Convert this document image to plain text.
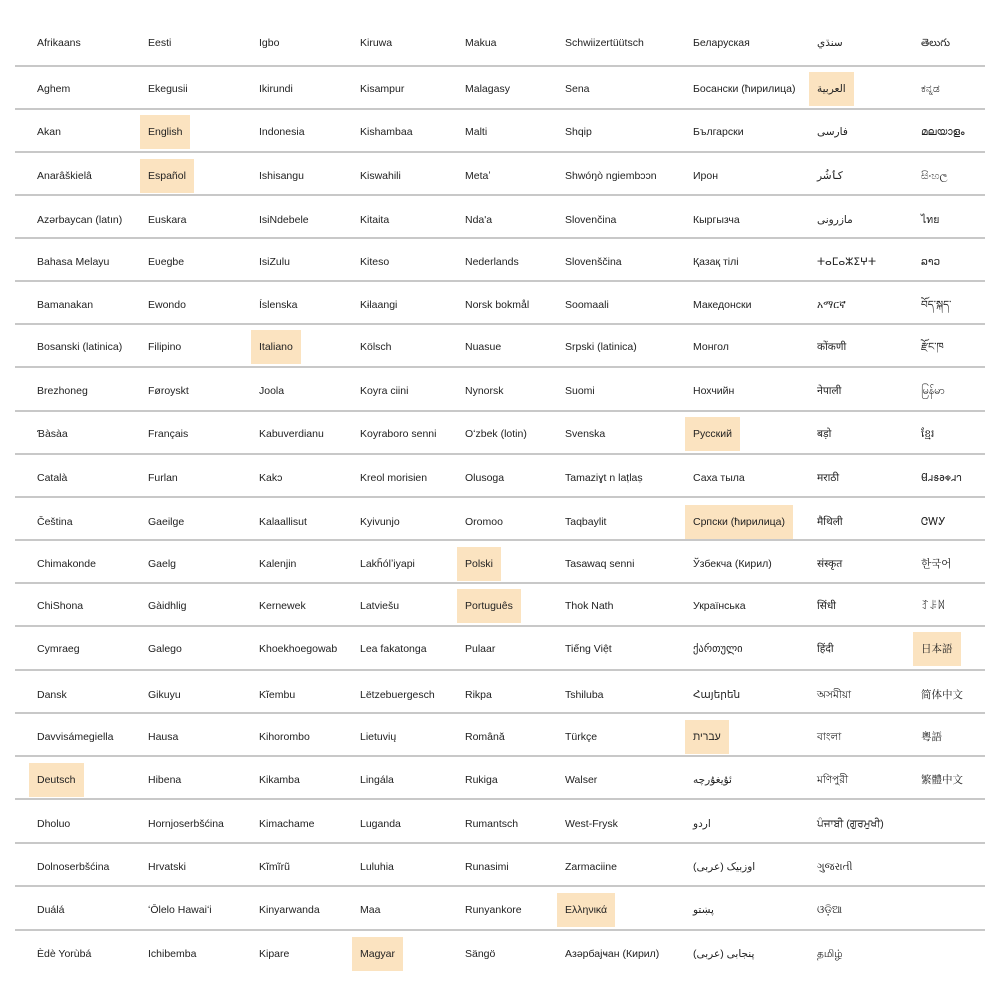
Afrikaans
Aghem
Akan
Anarâškielâ
Azərbaycan (latın)
Bahasa Melayu
Bamanakan
Bosanski (latinica)
Brezhoneg
Ɓàsàa
Català
Čeština
Chimakonde
ChiShona
Cymraeg
Dansk
Davvisámegiella
Deutsch
Dholuo
Dolnoserbšćina
Duálá
Èdè Yorùbá
Eesti
Ekegusii
English
Español
Euskara
Eʋegbe
Ewondo
Filipino
Føroyskt
Français
Furlan
Gaeilge
Gaelg
Gàidhlig
Galego
Gikuyu
Hausa
Hibena
Hornjoserbšćina
Hrvatski
ʻŌlelo Hawaiʻi
Ichibemba
Igbo
Ikirundi
Indonesia
Ishisangu
IsiNdebele
IsiZulu
Íslenska
Italiano
Joola
Kabuverdianu
Kakɔ
Kalaallisut
Kalenjin
Kernewek
Khoekhoegowab
Kĩembu
Kihorombo
Kikamba
Kimachame
Kĩmĩrũ
Kinyarwanda
Kipare
Kiruwa
Kisampur
Kishambaa
Kiswahili
Kitaita
Kiteso
Kɨlaangi
Kölsch
Koyra ciini
Koyraboro senni
Kreol morisien
Kyivunjo
Lakȟólʼiyapi
Latviešu
Lea fakatonga
Lëtzebuergesch
Lietuvių
Lingála
Luganda
Luluhia
Maa
Magyar
Makua
Malagasy
Malti
Metaʼ
Nda'a
Nederlands
Norsk bokmål
Nuasue
Nynorsk
Oʻzbek (lotin)
Olusoga
Oromoo
Polski
Português
Pulaar
Rikpa
Română
Rukiga
Rumantsch
Runasimi
Runyankore
Sängö
Schwiizertüütsch
Sena
Shqip
Shwóŋò ngiembɔɔn
Slovenčina
Slovenščina
Soomaali
Srpski (latinica)
Suomi
Svenska
Tamaziɣt n laṭlaṣ
Taqbaylit
Tasawaq senni
Thok Nath
Tiếng Việt
Tshiluba
Türkçe
Walser
West-Frysk
Zarmaciine
Ελληνικά
Азәрбајҹан (Кирил)
Беларуская
Босански (ћирилица)
Български
Ирон
Кыргызча
Қазақ тілі
Македонски
Монгол
Нохчийн
Русский
Саха тыла
Српски (ћирилица)
Ўзбекча (Кирил)
Українська
ქართული
Հայերեն
עברית
ئۇيغۇرچە
اردو
اوزبیک (عربی)
پښتو
پنجابی (عربی)
سنڌي
العربية
فارسی
کٲشُر
مازرونی
ⵜⴰⵎⴰⵣⵉⵖⵜ
አማርኛ
कोंकणी
नेपाली
बड़ो
मराठी
मैथिली
संस्कृत
सिंधी
हिंदी
অসমীয়া
বাংলা
মণিপুরী
ਪੰਜਾਬੀ (ਗੁਰਮੁਖੀ)
ગુજરાતી
ଓଡ଼ିଆ
தமிழ்
తెలుగు
ಕನ್ನಡ
മലയാളം
සිංහල
ไทย
ລາວ
བོད་སྐད་
རྫོང་ཁ
မြန်မာ
ខ្មែរ
𐐔𐐯𐑅𐐨𐑉𐐯𐐻
ᏣᎳᎩ
한국어
ꆈꌠꉙ
日本語
简体中文
粵語
繁體中文
